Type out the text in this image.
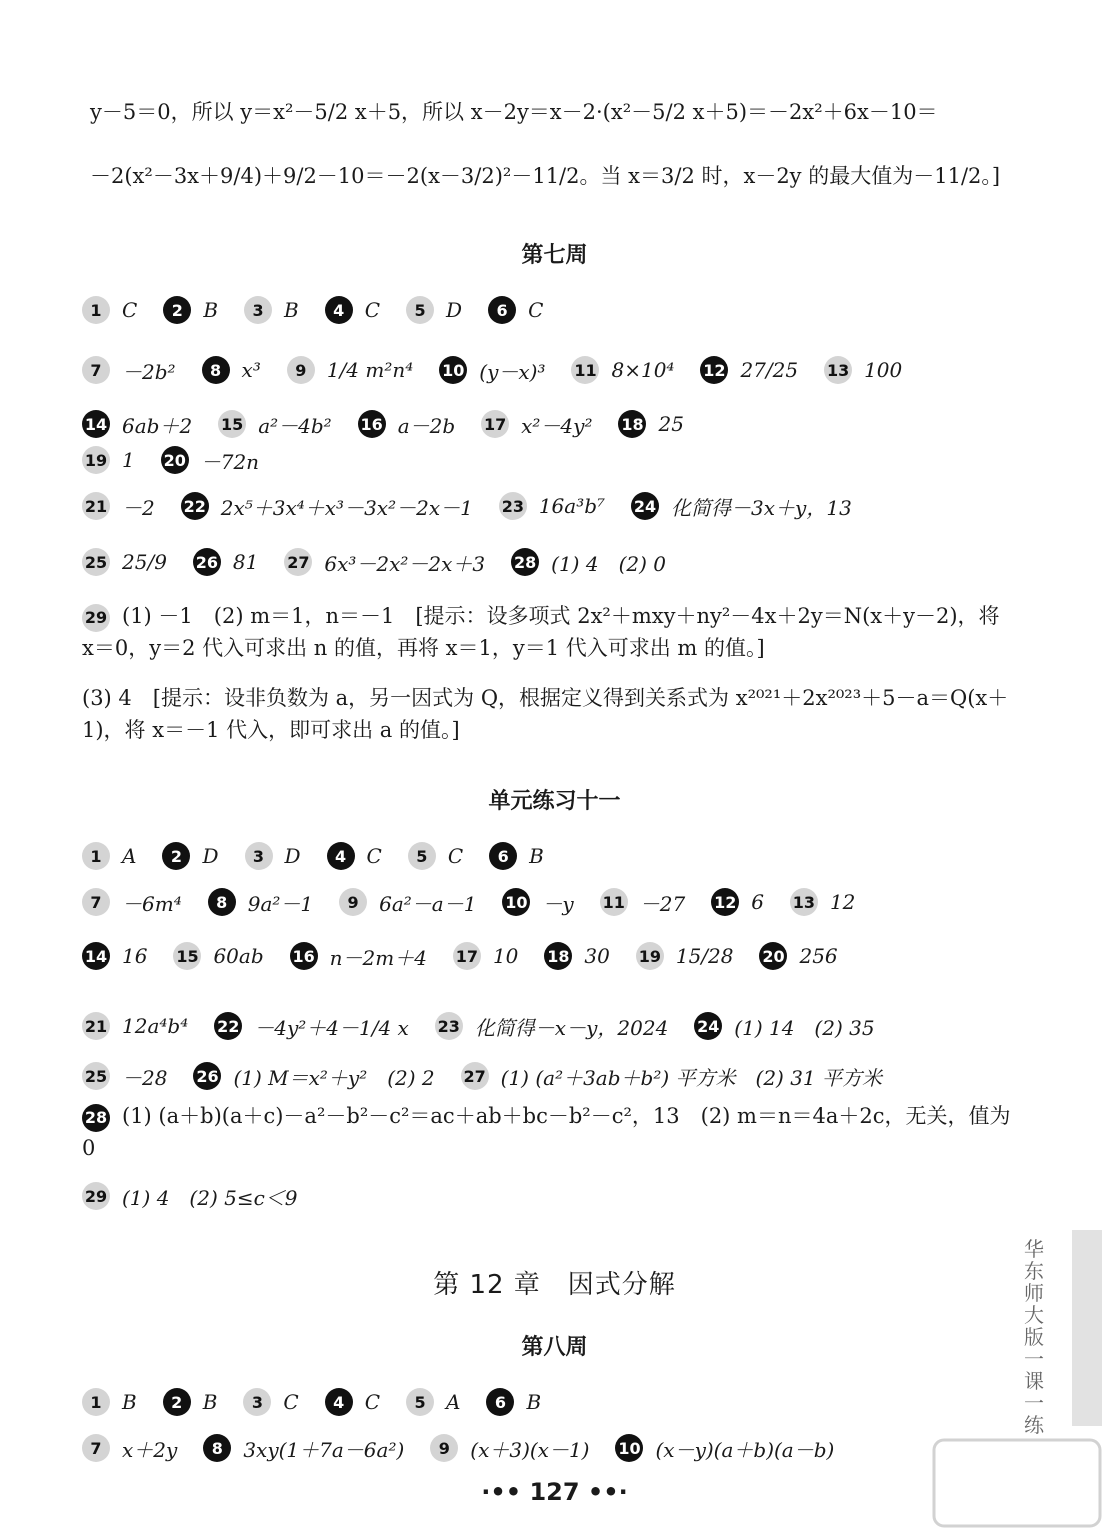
y－5＝0，所以 y＝x²－5/2 x＋5，所以 x－2y＝x－2·(x²－5/2 x＋5)＝－2x²＋6x－10＝
－2(x²－3x＋9/4)＋9/2－10＝－2(x－3/2)²－11/2。当 x＝3/2 时，x－2y 的最大值为－11/2。]
第七周
1	C	2	B	3	B	4	C	5	D	6	C
7	－2b²	8	x³	9	1/4 m²n⁴ 10 (y－x)³ 11 8×10⁴ 12 27/25 13 100
14 6ab＋2 15 a²－4b² 16 a－2b 17 x²－4y² 18 25
19 1 20 －72n
21 －2 22 2x⁵＋3x⁴＋x³－3x²－2x－1 23 16a³b⁷ 24 化简得－3x＋y，13
25 25/9 26 81 27 6x³－2x²－2x＋3 28 (1) 4　(2) 0
29 (1) －1　(2) m＝1，n＝－1　[提示：设多项式 2x²＋mxy＋ny²－4x＋2y＝N(x＋y－2)，将 x＝0，y＝2 代入可求出 n 的值，再将 x＝1，y＝1 代入可求出 m 的值。]
(3) 4　[提示：设非负数为 a，另一因式为 Q，根据定义得到关系式为 x²⁰²¹＋2x²⁰²³＋5－a＝Q(x＋1)，将 x＝－1 代入，即可求出 a 的值。]
单元练习十一
1	A	2	D	3	D	4	C	5	C	6	B
7	－6m⁴	8	9a²－1	9	6a²－a－1 10 －y 11 －27 12 6 13 12
14 16 15 60ab 16 n－2m＋4 17 10 18 30 19 15/28 20 256
21 12a⁴b⁴ 22 －4y²＋4－1/4 x 23 化简得－x－y，2024 24 (1) 14　(2) 35
25 －28 26 (1) M＝x²＋y²　(2) 2 27 (1) (a²＋3ab＋b²) 平方米　(2) 31 平方米
28 (1) (a＋b)(a＋c)－a²－b²－c²＝ac＋ab＋bc－b²－c²，13　(2) m＝n＝4a＋2c，无关，值为 0
29 (1) 4　(2) 5≤c＜9
第 12 章　因式分解
第八周
1	B	2	B	3	C	4	C	5	A	6	B
7	x＋2y	8	3xy(1＋7a－6a²)	9	(x＋3)(x－1) 10 (x－y)(a＋b)(a－b)
华东师大版一课一练
·•• 127 ••·
